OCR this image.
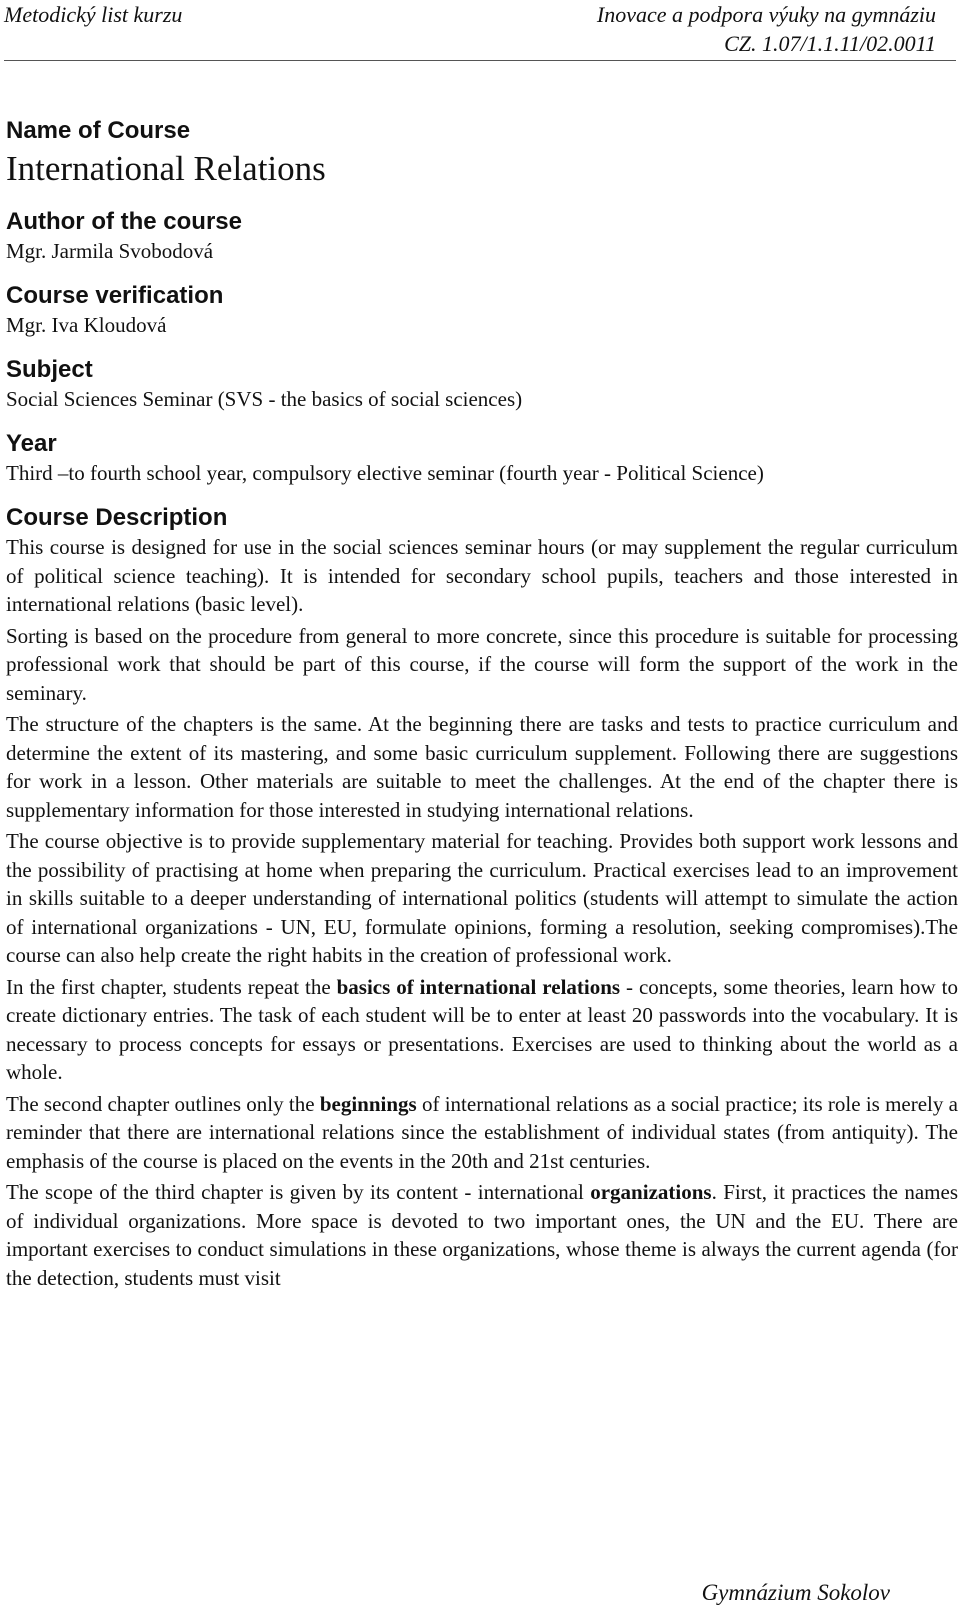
Metodický list kurzu	Inovace a podpora výuky na gymnáziu
CZ. 1.07/1.1.11/02.0011
Name of Course
International Relations
Author of the course
Mgr. Jarmila Svobodová
Course verification
Mgr. Iva Kloudová
Subject
Social Sciences Seminar (SVS - the basics of social sciences)
Year
Third –to fourth school year, compulsory elective seminar (fourth year - Political Science)
Course Description

This course is designed for use in the social sciences seminar hours (or may supplement the regular curriculum of political science teaching). It is intended for secondary school pupils, teachers and those interested in international relations (basic level).

Sorting is based on the procedure from general to more concrete, since this procedure is suitable for processing professional work that should be part of this course, if the course will form the support of the work in the seminary.

The structure of the chapters is the same. At the beginning there are tasks and tests to practice curriculum and determine the extent of its mastering, and some basic curriculum supplement. Following there are suggestions for work in a lesson. Other materials are suitable to meet the challenges. At the end of the chapter there is supplementary information for those interested in studying international relations.

The course objective is to provide supplementary material for teaching. Provides both support work lessons and the possibility of practising at home when preparing the curriculum. Practical exercises lead to an improvement in skills suitable to a deeper understanding of international politics (students will attempt to simulate the action of international organizations - UN, EU, formulate opinions, forming a resolution, seeking compromises).The course can also help create the right habits in the creation of professional work.

In the first chapter, students repeat the basics of international relations - concepts, some theories, learn how to create dictionary entries. The task of each student will be to enter at least 20 passwords into the vocabulary. It is necessary to process concepts for essays or presentations. Exercises are used to thinking about the world as a whole.

The second chapter outlines only the beginnings of international relations as a social practice; its role is merely a reminder that there are international relations since the establishment of individual states (from antiquity). The emphasis of the course is placed on the events in the 20th and 21st centuries.

The scope of the third chapter is given by its content - international organizations. First, it practices the names of individual organizations. More space is devoted to two important ones, the UN and the EU. There are important exercises to conduct simulations in these organizations, whose theme is always the current agenda (for the detection, students must visit

Gymnázium Sokolov
